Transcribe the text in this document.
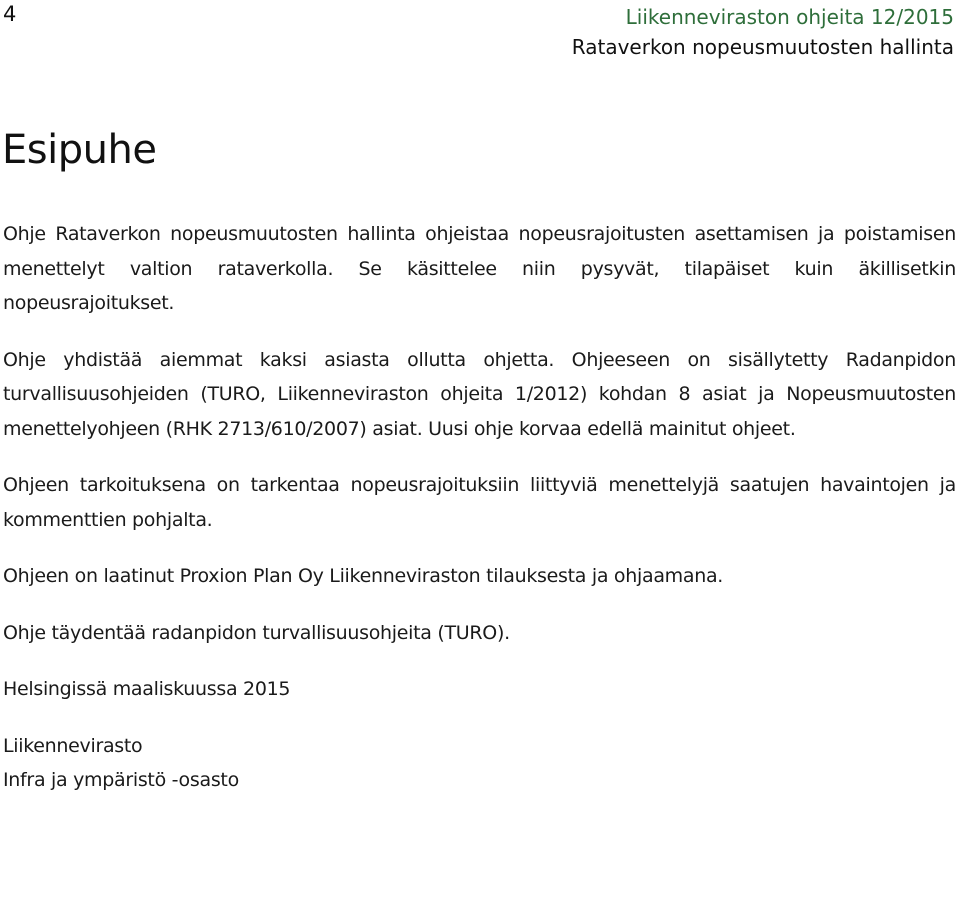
4	Liikenneviraston ohjeita 12/2015
Rataverkon nopeusmuutosten hallinta
Esipuhe

Ohje Rataverkon nopeusmuutosten hallinta ohjeistaa nopeusrajoitusten asettamisen ja poistamisen menettelyt valtion rataverkolla. Se käsittelee niin pysyvät, tilapäiset kuin äkillisetkin nopeusrajoitukset.

Ohje yhdistää aiemmat kaksi asiasta ollutta ohjetta. Ohjeeseen on sisällytetty Radanpidon turvallisuusohjeiden (TURO, Liikenneviraston ohjeita 1/2012) kohdan 8 asiat ja Nopeusmuutosten menettelyohjeen (RHK 2713/610/2007) asiat. Uusi ohje korvaa edellä mainitut ohjeet.

Ohjeen tarkoituksena on tarkentaa nopeusrajoituksiin liittyviä menettelyjä saatujen havaintojen ja kommenttien pohjalta.

Ohjeen on laatinut Proxion Plan Oy Liikenneviraston tilauksesta ja ohjaamana.

Ohje täydentää radanpidon turvallisuusohjeita (TURO).

Helsingissä maaliskuussa 2015

Liikennevirasto

Infra ja ympäristö -osasto
